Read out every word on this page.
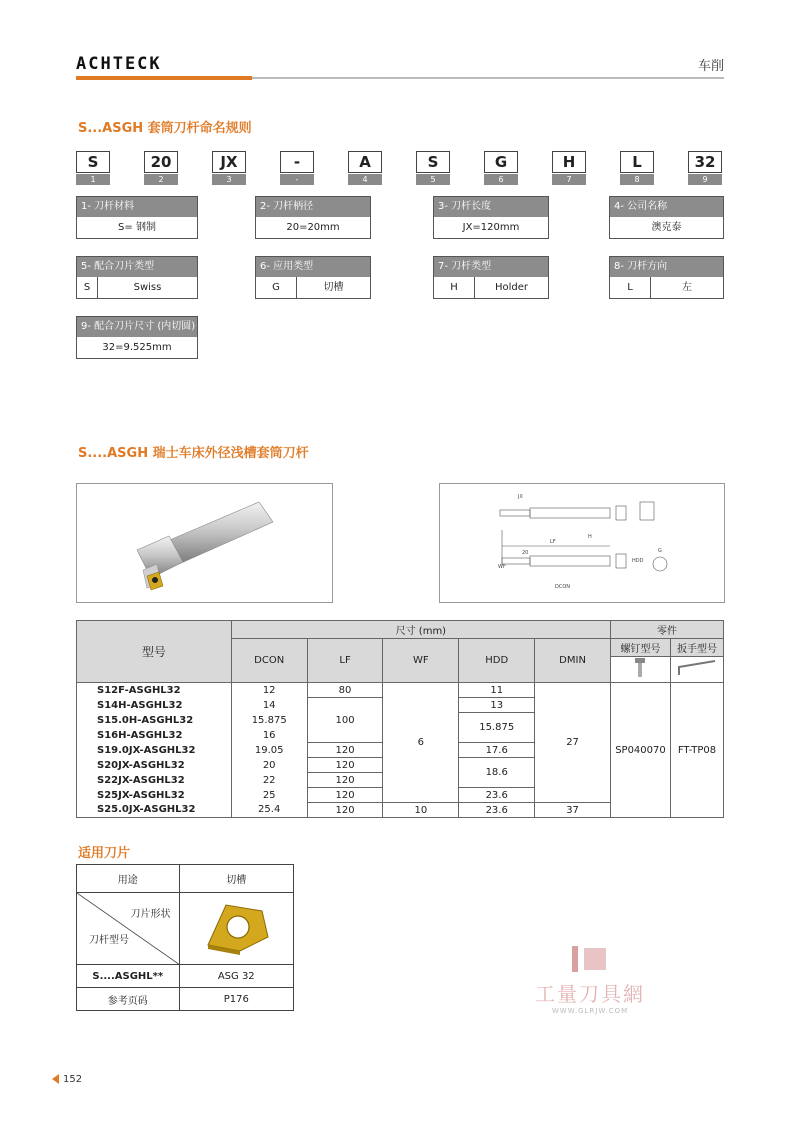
ACHTECK	车削
S...ASGH 套筒刀杆命名规则
S
1
20
2
JX
3
-
-
A
4
S
5
G
6
H
7
L
8
32
9
1- 刀杆材料
S= 钢制
2- 刀杆柄径
20=20mm
3- 刀杆长度
JX=120mm
4- 公司名称
澳克泰
5- 配合刀片类型
S	Swiss
6- 应用类型
G	切槽
7- 刀杆类型
H	Holder
8- 刀杆方向
L	左
9- 配合刀片尺寸 (内切圆)
32=9.525mm
S....ASGH 瑞士车床外径浅槽套筒刀杆
JX
20
LF
H
WF
DCON
HDD
G
型号	尺寸 (mm)					零件	
	DCON	LF	WF	HDD	DMIN	螺钉型号	扳手型号

S12F-ASGHL32	12	80	6	11	27	SP040070	FT-TP08
S14H-ASGHL32	14	100		13			
S15.0H-ASGHL32	15.875			15.875			
S16H-ASGHL32	16						
S19.0JX-ASGHL32	19.05	120		17.6			
S20JX-ASGHL32	20	120		18.6			
S22JX-ASGHL32	22	120					
S25JX-ASGHL32	25	120		23.6			
S25.0JX-ASGHL32	25.4	120	10	23.6	37		
适用刀片
用途	切槽

刀片形状
刀杆型号

S....ASGHL**	ASG 32
参考页码	P176	工量刀具網
WWW.GLRJW.COM
152
